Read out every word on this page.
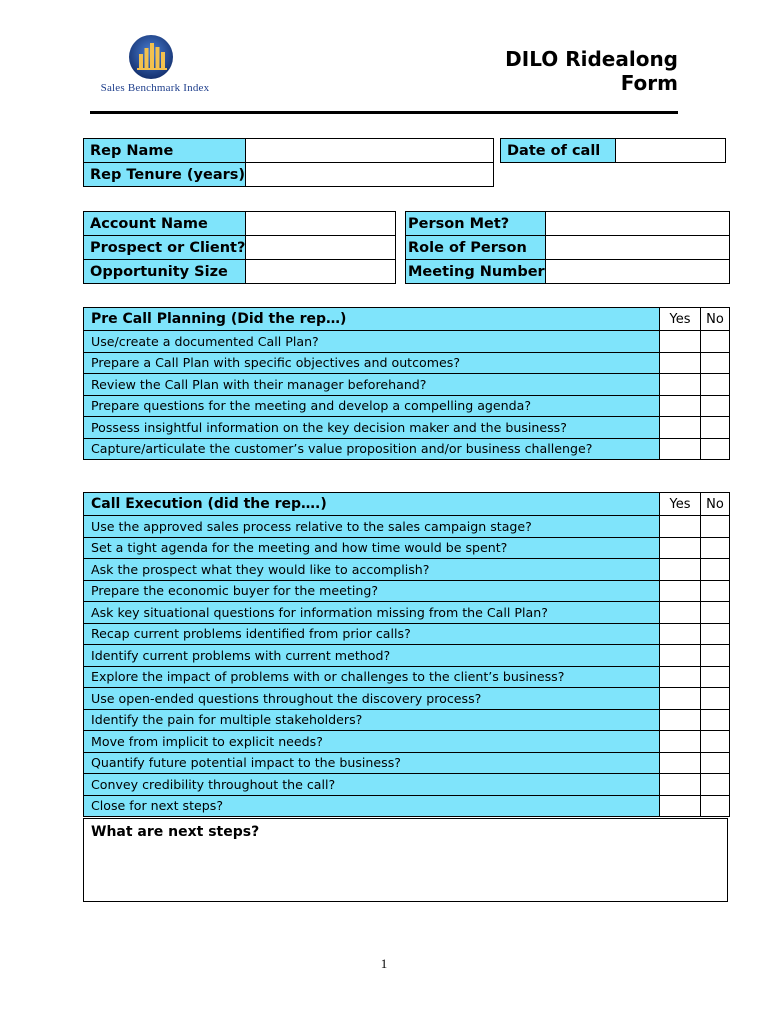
Sales Benchmark Index
DILO Ridealong
Form
Rep Name	
Rep Tenure (years)	
Date of call	
Account Name	
Prospect or Client?	
Opportunity Size	
Person Met?	
Role of Person	
Meeting Number	
Pre Call Planning (Did the rep…)	Yes	No
Use/create a documented Call Plan?		
Prepare a Call Plan with specific objectives and outcomes?		
Review the Call Plan with their manager beforehand?		
Prepare questions for the meeting and develop a compelling agenda?		
Possess insightful information on the key decision maker and the business?		
Capture/articulate the customer’s value proposition and/or business challenge?		
Call Execution (did the rep….)	Yes	No
Use the approved sales process relative to the sales campaign stage?		
Set a tight agenda for the meeting and how time would be spent?		
Ask the prospect what they would like to accomplish?		
Prepare the economic buyer for the meeting?		
Ask key situational questions for information missing from the Call Plan?		
Recap current problems identified from prior calls?		
Identify current problems with current method?		
Explore the impact of problems with or challenges to the client’s business?		
Use open-ended questions throughout the discovery process?		
Identify the pain for multiple stakeholders?		
Move from implicit to explicit needs?		
Quantify future potential impact to the business?		
Convey credibility throughout the call?		
Close for next steps?		
What are next steps?
1
